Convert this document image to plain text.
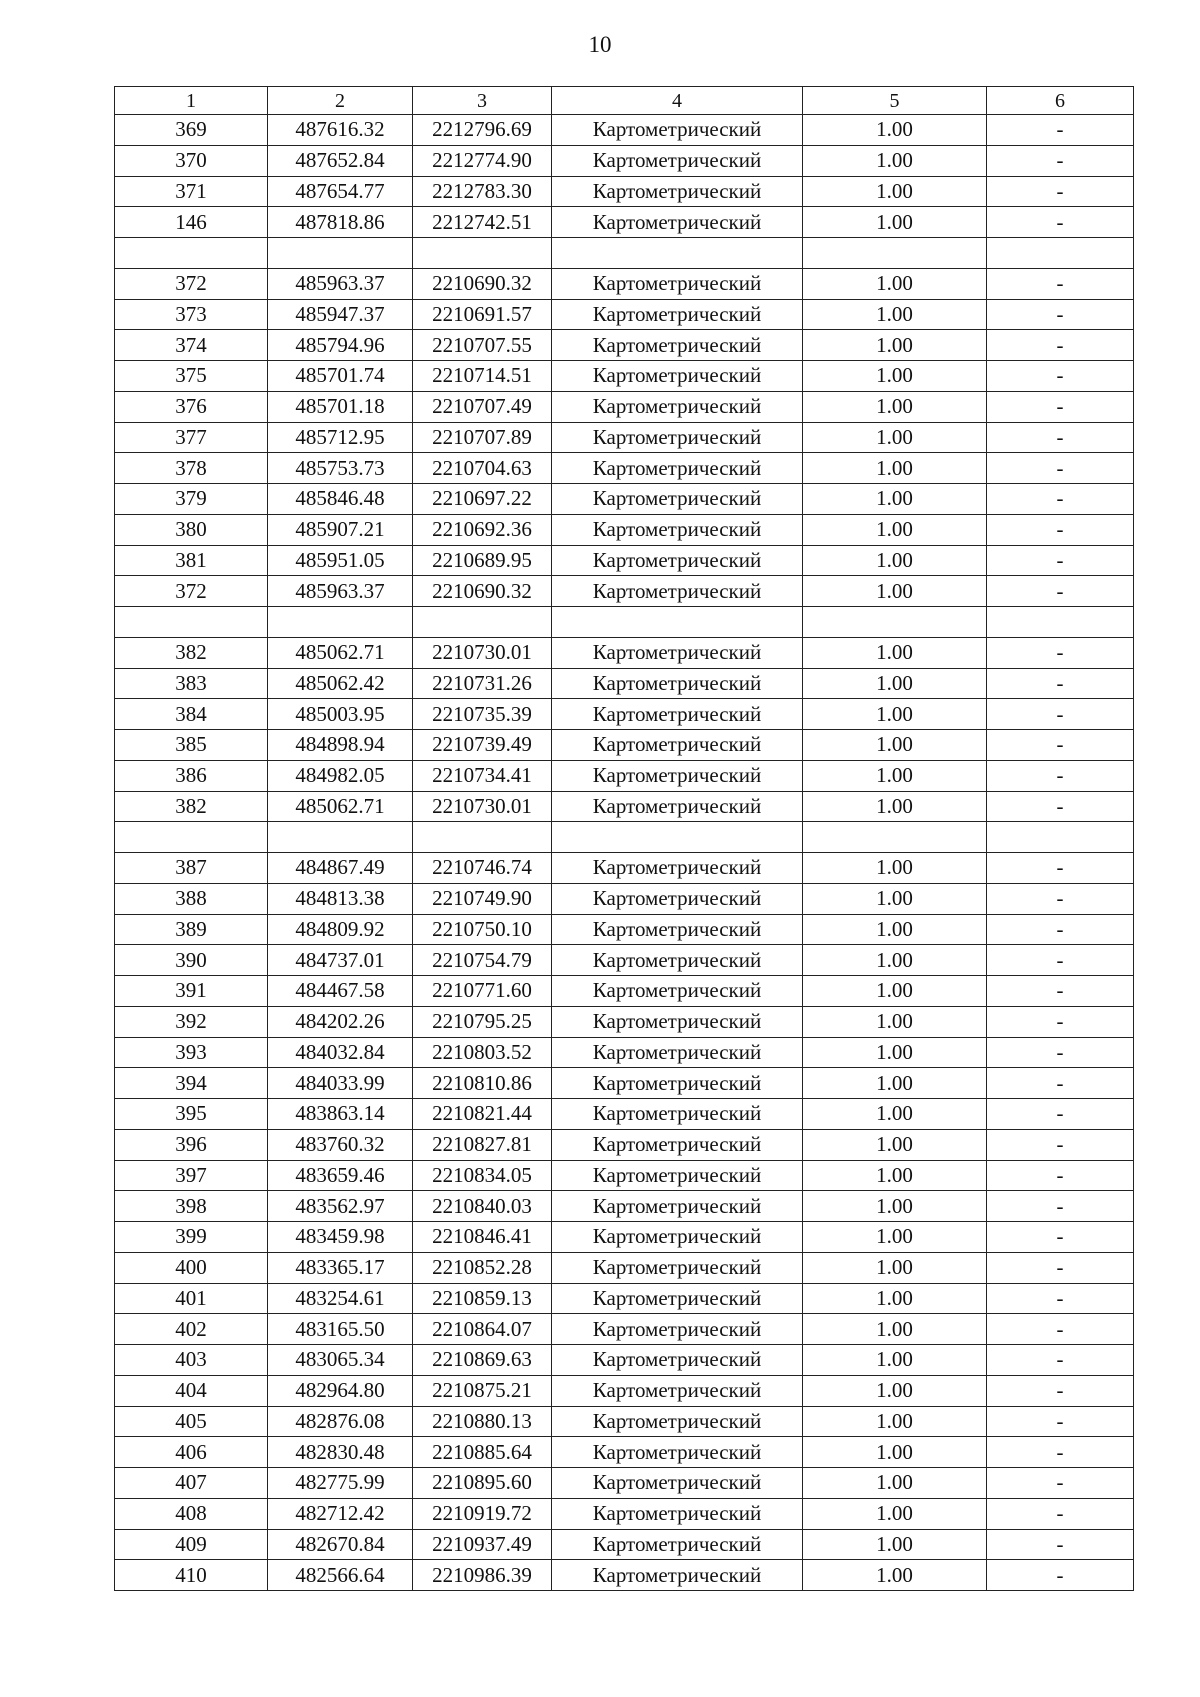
10
1	2	3	4	5	6
369	487616.32	2212796.69	Картометрический	1.00	-
370	487652.84	2212774.90	Картометрический	1.00	-
371	487654.77	2212783.30	Картометрический	1.00	-
146	487818.86	2212742.51	Картометрический	1.00	-

372	485963.37	2210690.32	Картометрический	1.00	-
373	485947.37	2210691.57	Картометрический	1.00	-
374	485794.96	2210707.55	Картометрический	1.00	-
375	485701.74	2210714.51	Картометрический	1.00	-
376	485701.18	2210707.49	Картометрический	1.00	-
377	485712.95	2210707.89	Картометрический	1.00	-
378	485753.73	2210704.63	Картометрический	1.00	-
379	485846.48	2210697.22	Картометрический	1.00	-
380	485907.21	2210692.36	Картометрический	1.00	-
381	485951.05	2210689.95	Картометрический	1.00	-
372	485963.37	2210690.32	Картометрический	1.00	-

382	485062.71	2210730.01	Картометрический	1.00	-
383	485062.42	2210731.26	Картометрический	1.00	-
384	485003.95	2210735.39	Картометрический	1.00	-
385	484898.94	2210739.49	Картометрический	1.00	-
386	484982.05	2210734.41	Картометрический	1.00	-
382	485062.71	2210730.01	Картометрический	1.00	-

387	484867.49	2210746.74	Картометрический	1.00	-
388	484813.38	2210749.90	Картометрический	1.00	-
389	484809.92	2210750.10	Картометрический	1.00	-
390	484737.01	2210754.79	Картометрический	1.00	-
391	484467.58	2210771.60	Картометрический	1.00	-
392	484202.26	2210795.25	Картометрический	1.00	-
393	484032.84	2210803.52	Картометрический	1.00	-
394	484033.99	2210810.86	Картометрический	1.00	-
395	483863.14	2210821.44	Картометрический	1.00	-
396	483760.32	2210827.81	Картометрический	1.00	-
397	483659.46	2210834.05	Картометрический	1.00	-
398	483562.97	2210840.03	Картометрический	1.00	-
399	483459.98	2210846.41	Картометрический	1.00	-
400	483365.17	2210852.28	Картометрический	1.00	-
401	483254.61	2210859.13	Картометрический	1.00	-
402	483165.50	2210864.07	Картометрический	1.00	-
403	483065.34	2210869.63	Картометрический	1.00	-
404	482964.80	2210875.21	Картометрический	1.00	-
405	482876.08	2210880.13	Картометрический	1.00	-
406	482830.48	2210885.64	Картометрический	1.00	-
407	482775.99	2210895.60	Картометрический	1.00	-
408	482712.42	2210919.72	Картометрический	1.00	-
409	482670.84	2210937.49	Картометрический	1.00	-
410	482566.64	2210986.39	Картометрический	1.00	-
